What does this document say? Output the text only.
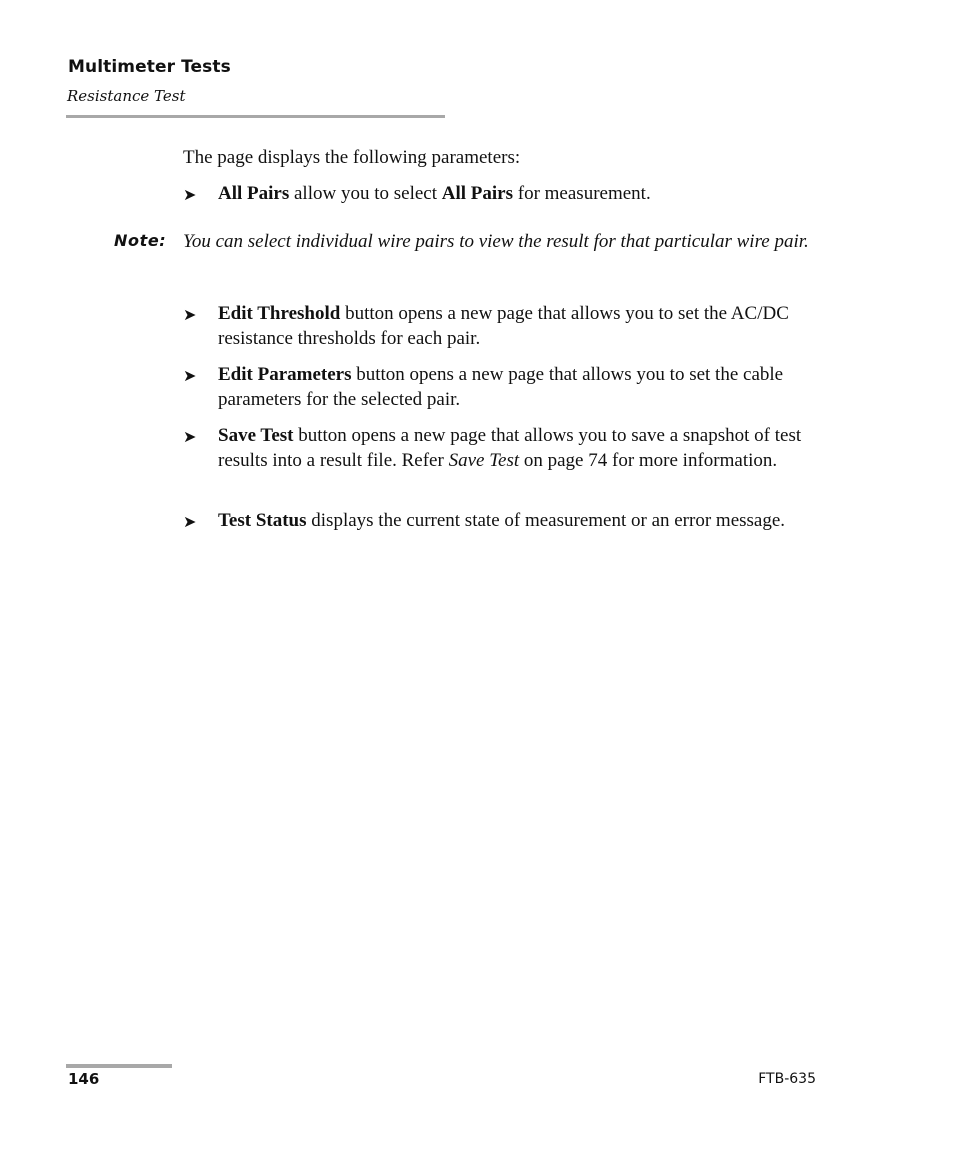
Multimeter Tests
Resistance Test
The page displays the following parameters:
➤ All Pairs allow you to select All Pairs for measurement.
Note: You can select individual wire pairs to view the result for that particular wire pair.
➤ Edit Threshold button opens a new page that allows you to set the AC/DC resistance thresholds for each pair.
➤ Edit Parameters button opens a new page that allows you to set the cable parameters for the selected pair.
➤ Save Test button opens a new page that allows you to save a snapshot of test results into a result file. Refer Save Test on page 74 for more information.
➤ Test Status displays the current state of measurement or an error message.
146	FTB-635
